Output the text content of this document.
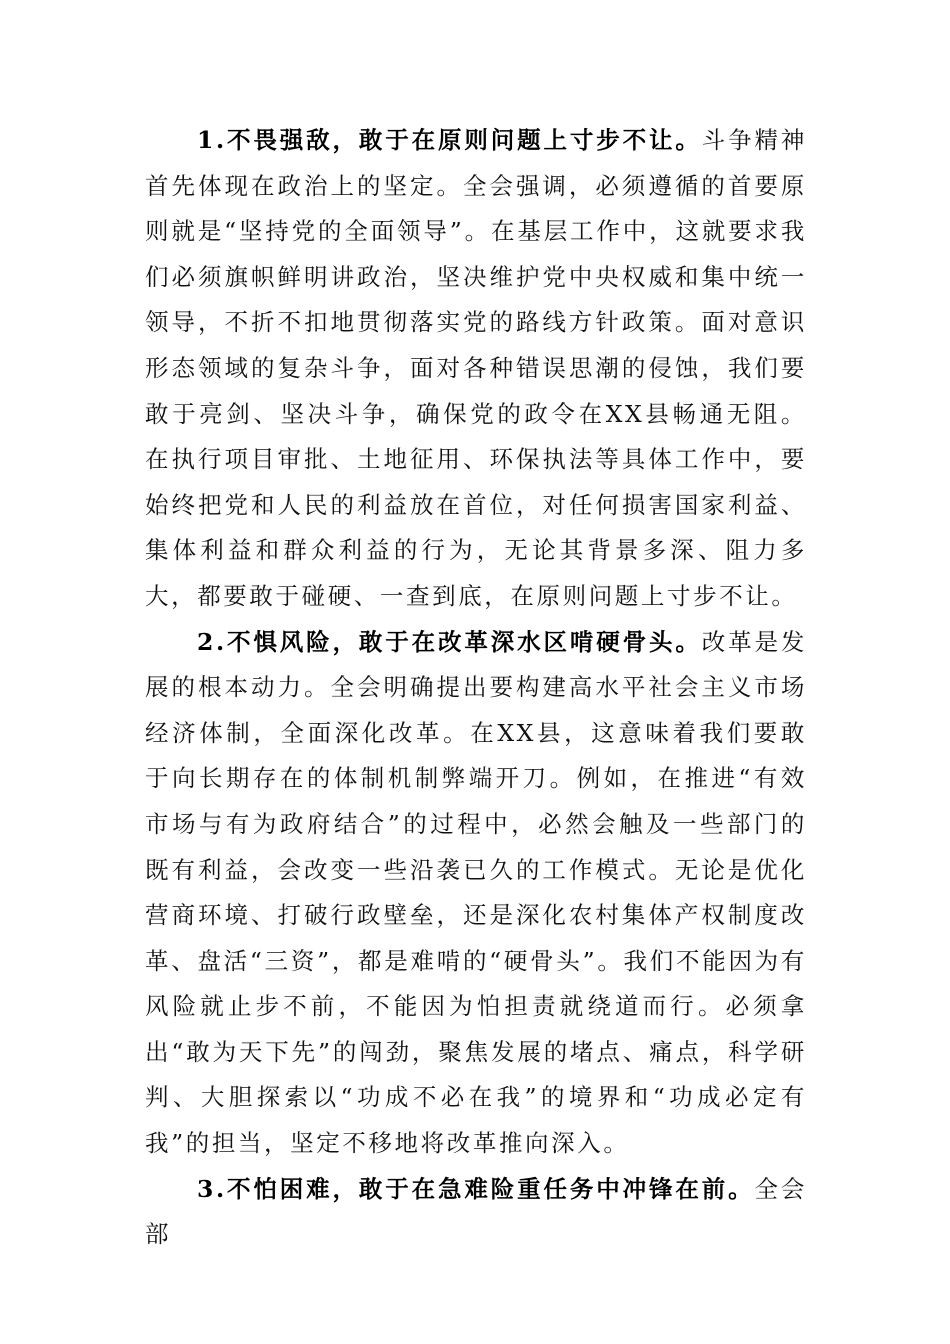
1.不畏强敌，敢于在原则问题上寸步不让。斗争精神首先体现在政治上的坚定。全会强调，必须遵循的首要原则就是“坚持党的全面领导”。在基层工作中，这就要求我们必须旗帜鲜明讲政治，坚决维护党中央权威和集中统一领导，不折不扣地贯彻落实党的路线方针政策。面对意识形态领域的复杂斗争，面对各种错误思潮的侵蚀，我们要敢于亮剑、坚决斗争，确保党的政令在XX县畅通无阻。在执行项目审批、土地征用、环保执法等具体工作中，要始终把党和人民的利益放在首位，对任何损害国家利益、集体利益和群众利益的行为，无论其背景多深、阻力多大，都要敢于碰硬、一查到底，在原则问题上寸步不让。

2.不惧风险，敢于在改革深水区啃硬骨头。改革是发展的根本动力。全会明确提出要构建高水平社会主义市场经济体制，全面深化改革。在XX县，这意味着我们要敢于向长期存在的体制机制弊端开刀。例如，在推进“有效市场与有为政府结合”的过程中，必然会触及一些部门的既有利益，会改变一些沿袭已久的工作模式。无论是优化营商环境、打破行政壁垒，还是深化农村集体产权制度改革、盘活“三资”，都是难啃的“硬骨头”。我们不能因为有风险就止步不前，不能因为怕担责就绕道而行。必须拿出“敢为天下先”的闯劲，聚焦发展的堵点、痛点，科学研判、大胆探索以“功成不必在我”的境界和“功成必定有我”的担当，坚定不移地将改革推向深入。

3.不怕困难，敢于在急难险重任务中冲锋在前。全会部
